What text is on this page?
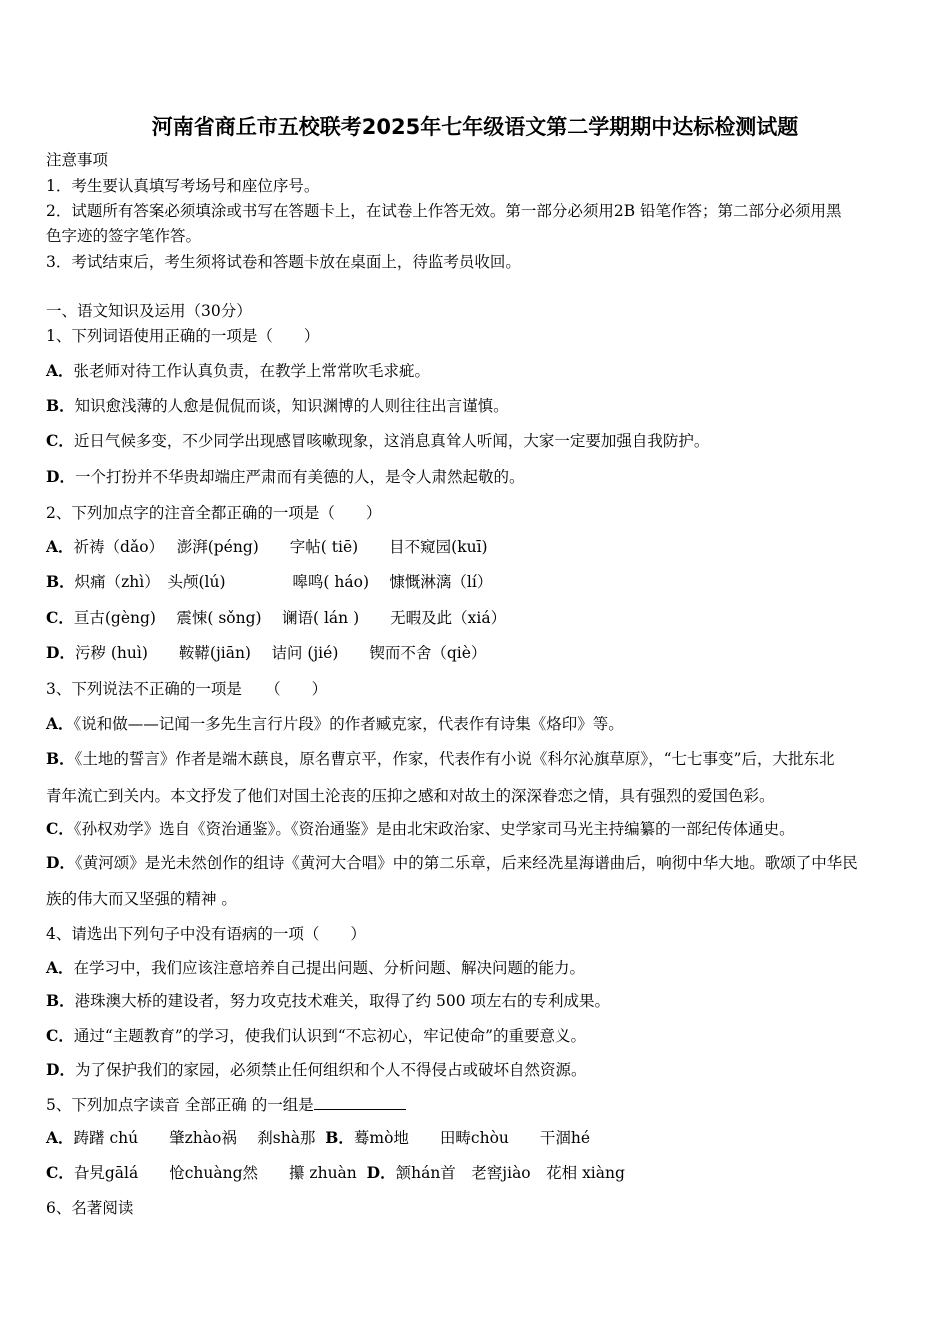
河南省商丘市五校联考2025年七年级语文第二学期期中达标检测试题
注意事项
1．考生要认真填写考场号和座位序号。
2．试题所有答案必须填涂或书写在答题卡上，在试卷上作答无效。第一部分必须用2B 铅笔作答；第二部分必须用黑
色字迹的签字笔作答。
3．考试结束后，考生须将试卷和答题卡放在桌面上，待监考员收回。
一、语文知识及运用（30分）
1、下列词语使用正确的一项是（　　）
A．张老师对待工作认真负责，在教学上常常吹毛求疵。
B．知识愈浅薄的人愈是侃侃而谈，知识渊博的人则往往出言谨慎。
C．近日气候多变，不少同学出现感冒咳嗽现象，这消息真耸人听闻，大家一定要加强自我防护。
D．一个打扮并不华贵却端庄严肃而有美德的人，是令人肃然起敬的。
2、下列加点字的注音全都正确的一项是（　　）
A．祈祷（dǎo）　 澎湃(péng)　　字帖( tiē)　　目不窥园(kuī)
B．炽痛（zhì）　头颅(lú)　　　　 嗥鸣( háo)　 慷慨淋漓（lí）
C．亘古(gèng)　 震悚( sǒng)　 谰语( lán )　　无暇及此（xiá）
D．污秽 (huì)　　鞍鞯(jiān)　 诘问 (jié)　　锲而不舍（qiè）
3、下列说法不正确的一项是　　（　　）
A．《说和做——记闻一多先生言行片段》的作者臧克家，代表作有诗集《烙印》等。
B．《土地的誓言》作者是端木蕻良，原名曹京平，作家，代表作有小说《科尔沁旗草原》，“七七事变”后，大批东北
青年流亡到关内。本文抒发了他们对国土沦丧的压抑之感和对故土的深深眷恋之情，具有强烈的爱国色彩。
C．《孙权劝学》选自《资治通鉴》。《资治通鉴》是由北宋政治家、史学家司马光主持编纂的一部纪传体通史。
D．《黄河颂》是光未然创作的组诗《黄河大合唱》中的第二乐章，后来经冼星海谱曲后，响彻中华大地。歌颂了中华民
族的伟大而又坚强的精神 。
4、请选出下列句子中没有语病的一项（　　）
A．在学习中，我们应该注意培养自己提出问题、分析问题、解决问题的能力。
B．港珠澳大桥的建设者，努力攻克技术难关，取得了约 500 项左右的专利成果。
C．通过“主题教育”的学习，使我们认识到“不忘初心，牢记使命”的重要意义。
D．为了保护我们的家园，必须禁止任何组织和个人不得侵占或破坏自然资源。
5、下列加点字读音 全部正确 的一组是
A．踌躇 chú　　肇zhào祸　 刹shà那 B．蓦mò地　　田畴chòu　　干涸hé
C．旮旯gālá　　怆chuàng然　　攥 zhuàn D．颔hán首　老窖jiào　花相 xiàng
6、名著阅读
